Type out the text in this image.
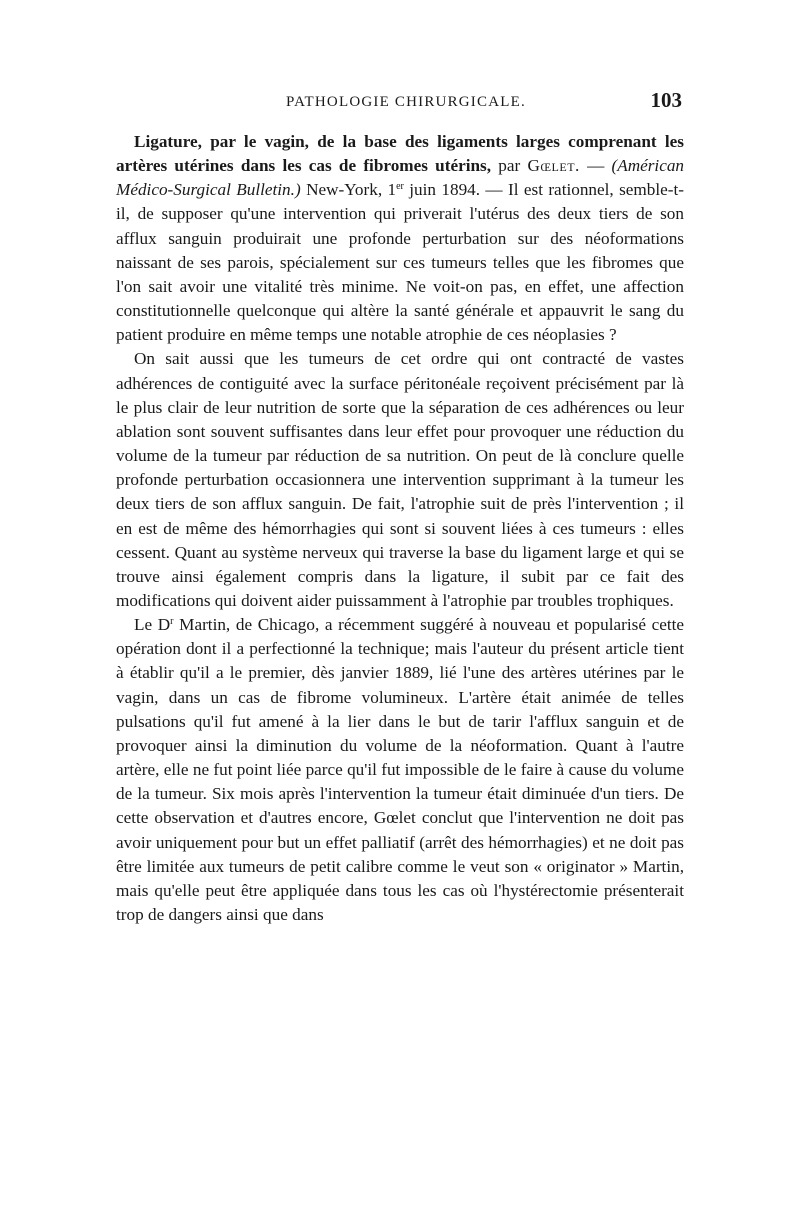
PATHOLOGIE CHIRURGICALE.	103

Ligature, par le vagin, de la base des ligaments larges comprenant les artères utérines dans les cas de fibromes utérins, par Gœlet. — (Américan Médico-Surgical Bulletin.) New-York, 1er juin 1894. — Il est rationnel, semble-t-il, de supposer qu'une intervention qui priverait l'utérus des deux tiers de son afflux sanguin produirait une profonde perturbation sur des néoformations naissant de ses parois, spécialement sur ces tumeurs telles que les fibromes que l'on sait avoir une vitalité très minime. Ne voit-on pas, en effet, une affection constitutionnelle quelconque qui altère la santé générale et appauvrit le sang du patient produire en même temps une notable atrophie de ces néoplasies ?

On sait aussi que les tumeurs de cet ordre qui ont contracté de vastes adhérences de contiguité avec la surface péritonéale reçoivent précisément par là le plus clair de leur nutrition de sorte que la séparation de ces adhérences ou leur ablation sont souvent suffisantes dans leur effet pour provoquer une réduction du volume de la tumeur par réduction de sa nutrition. On peut de là conclure quelle profonde perturbation occasionnera une intervention supprimant à la tumeur les deux tiers de son afflux sanguin. De fait, l'atrophie suit de près l'intervention ; il en est de même des hémorrhagies qui sont si souvent liées à ces tumeurs : elles cessent. Quant au système nerveux qui traverse la base du ligament large et qui se trouve ainsi également compris dans la ligature, il subit par ce fait des modifications qui doivent aider puissamment à l'atrophie par troubles trophiques.

Le $D^r$ Martin, de Chicago, a récemment suggéré à nouveau et popularisé cette opération dont il a perfectionné la technique; mais l'auteur du présent article tient à établir qu'il a le premier, dès janvier 1889, lié l'une des artères utérines par le vagin, dans un cas de fibrome volumineux. L'artère était animée de telles pulsations qu'il fut amené à la lier dans le but de tarir l'afflux sanguin et de provoquer ainsi la diminution du volume de la néoformation. Quant à l'autre artère, elle ne fut point liée parce qu'il fut impossible de le faire à cause du volume de la tumeur. Six mois après l'intervention la tumeur était diminuée d'un tiers. De cette observation et d'autres encore, Gœlet conclut que l'intervention ne doit pas avoir uniquement pour but un effet palliatif (arrêt des hémorrhagies) et ne doit pas être limitée aux tumeurs de petit calibre comme le veut son « originator » Martin, mais qu'elle peut être appliquée dans tous les cas où l'hystérectomie présenterait trop de dangers ainsi que dans
